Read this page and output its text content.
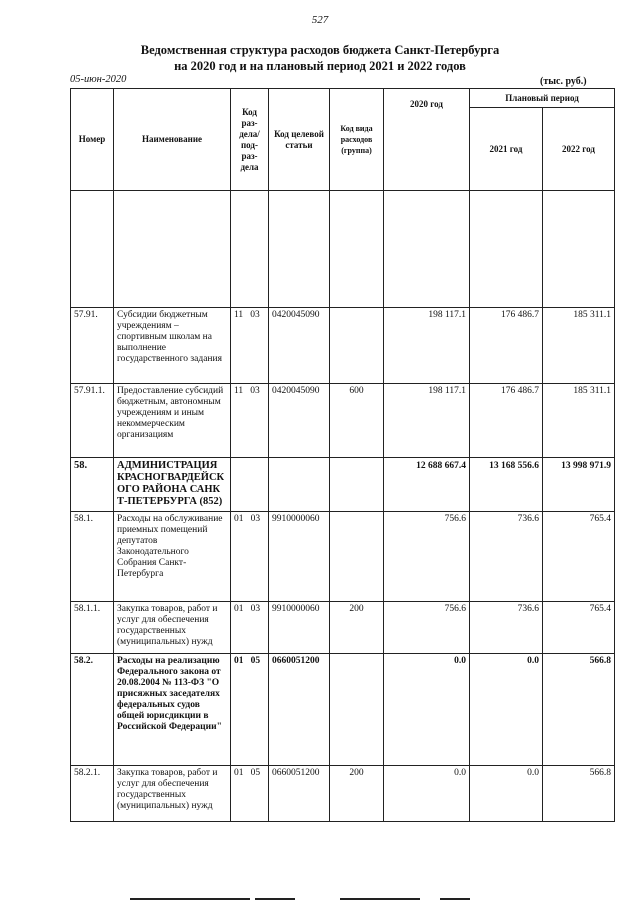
527
Ведомственная структура расходов бюджета Санкт-Петербурга
на 2020 год и на плановый период 2021 и 2022 годов
05-июн-2020	(тыс. руб.)
Номер	Наименование	Код раз-дела/ под-раз-дела	Код целевой статьи	Код вида расходов (группа)	2020 год	Плановый период	
						2021 год	2022 год

57.91.	Субсидии бюджетным учреждениям – спортивным школам на выполнение государственного задания	11   03	0420045090		198 117.1	176 486.7	185 311.1
57.91.1.	Предоставление субсидий бюджетным, автономным учреждениям и иным некоммерческим организациям	11   03	0420045090	600	198 117.1	176 486.7	185 311.1
58.	АДМИНИСТРАЦИЯ КРАСНОГВАРДЕЙСКОГО РАЙОНА САНКТ-ПЕТЕРБУРГА (852)				12 688 667.4	13 168 556.6	13 998 971.9
58.1.	Расходы на обслуживание приемных помещений депутатов Законодательного Собрания Санкт-Петербурга	01   03	9910000060		756.6	736.6	765.4
58.1.1.	Закупка товаров, работ и услуг для обеспечения государственных (муниципальных) нужд	01   03	9910000060	200	756.6	736.6	765.4
58.2.	Расходы на реализацию Федерального закона от 20.08.2004 № 113-ФЗ "О присяжных заседателях федеральных судов общей юрисдикции в Российской Федерации"	01   05	0660051200		0.0	0.0	566.8
58.2.1.	Закупка товаров, работ и услуг для обеспечения государственных (муниципальных) нужд	01   05	0660051200	200	0.0	0.0	566.8
